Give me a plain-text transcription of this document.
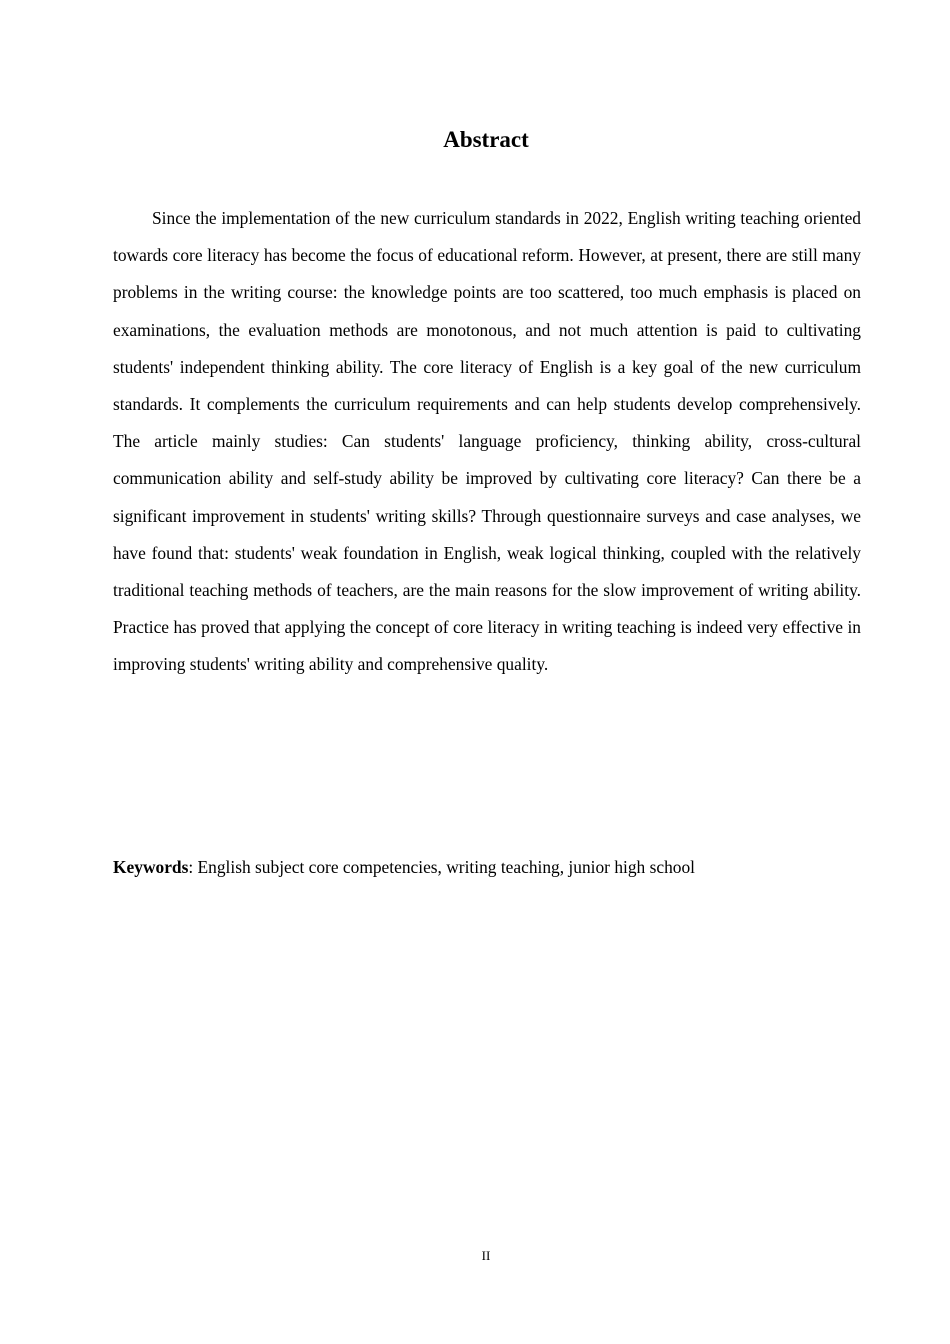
Abstract

Since the implementation of the new curriculum standards in 2022, English writing teaching oriented towards core literacy has become the focus of educational reform. However, at present, there are still many problems in the writing course: the knowledge points are too scattered, too much emphasis is placed on examinations, the evaluation methods are monotonous, and not much attention is paid to cultivating students' independent thinking ability. The core literacy of English is a key goal of the new curriculum standards. It complements the curriculum requirements and can help students develop comprehensively. The article mainly studies: Can students' language proficiency, thinking ability, cross-cultural communication ability and self-study ability be improved by cultivating core literacy? Can there be a significant improvement in students' writing skills? Through questionnaire surveys and case analyses, we have found that: students' weak foundation in English, weak logical thinking, coupled with the relatively traditional teaching methods of teachers, are the main reasons for the slow improvement of writing ability. Practice has proved that applying the concept of core literacy in writing teaching is indeed very effective in improving students' writing ability and comprehensive quality.

Keywords: English subject core competencies, writing teaching, junior high school

II
